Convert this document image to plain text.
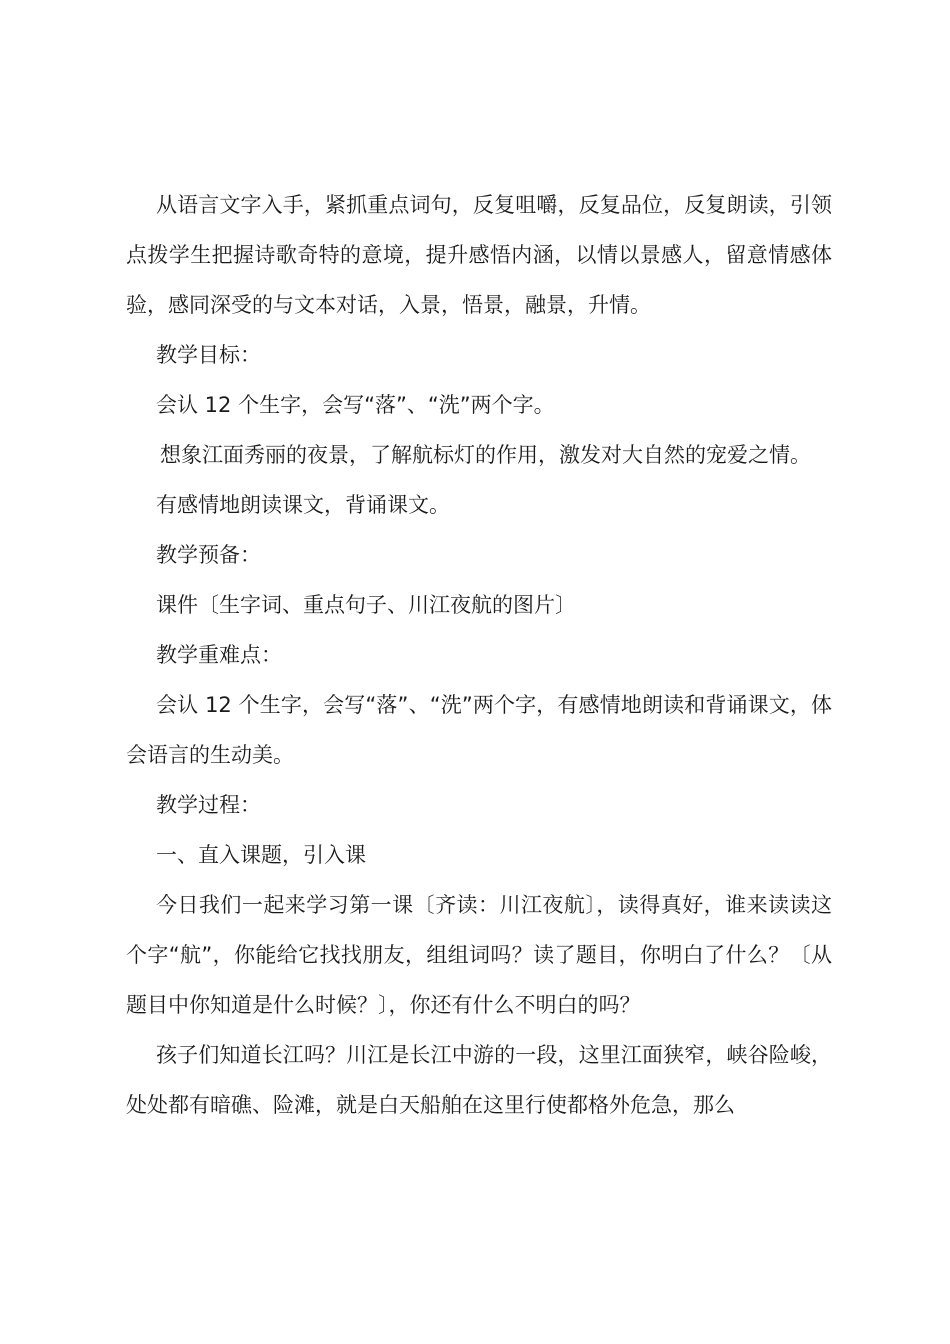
从语言文字入手，紧抓重点词句，反复咀嚼，反复品位，反复朗读，引领点拨学生把握诗歌奇特的意境，提升感悟内涵，以情以景感人，留意情感体验，感同深受的与文本对话，入景，悟景，融景，升情。

教学目标：

会认 12 个生字，会写“落”、“洗”两个字。

想象江面秀丽的夜景，了解航标灯的作用，激发对大自然的宠爱之情。

有感情地朗读课文，背诵课文。

教学预备：

课件〔生字词、重点句子、川江夜航的图片〕

教学重难点：

会认 12 个生字，会写“落”、“洗”两个字，有感情地朗读和背诵课文，体会语言的生动美。

教学过程：

一、直入课题，引入课

今日我们一起来学习第一课〔齐读：川江夜航〕，读得真好，谁来读读这个字“航”，你能给它找找朋友，组组词吗？读了题目，你明白了什么？〔从题目中你知道是什么时候？〕，你还有什么不明白的吗？

孩子们知道长江吗？川江是长江中游的一段，这里江面狭窄，峡谷险峻，处处都有暗礁、险滩，就是白天船舶在这里行使都格外危急，那么
